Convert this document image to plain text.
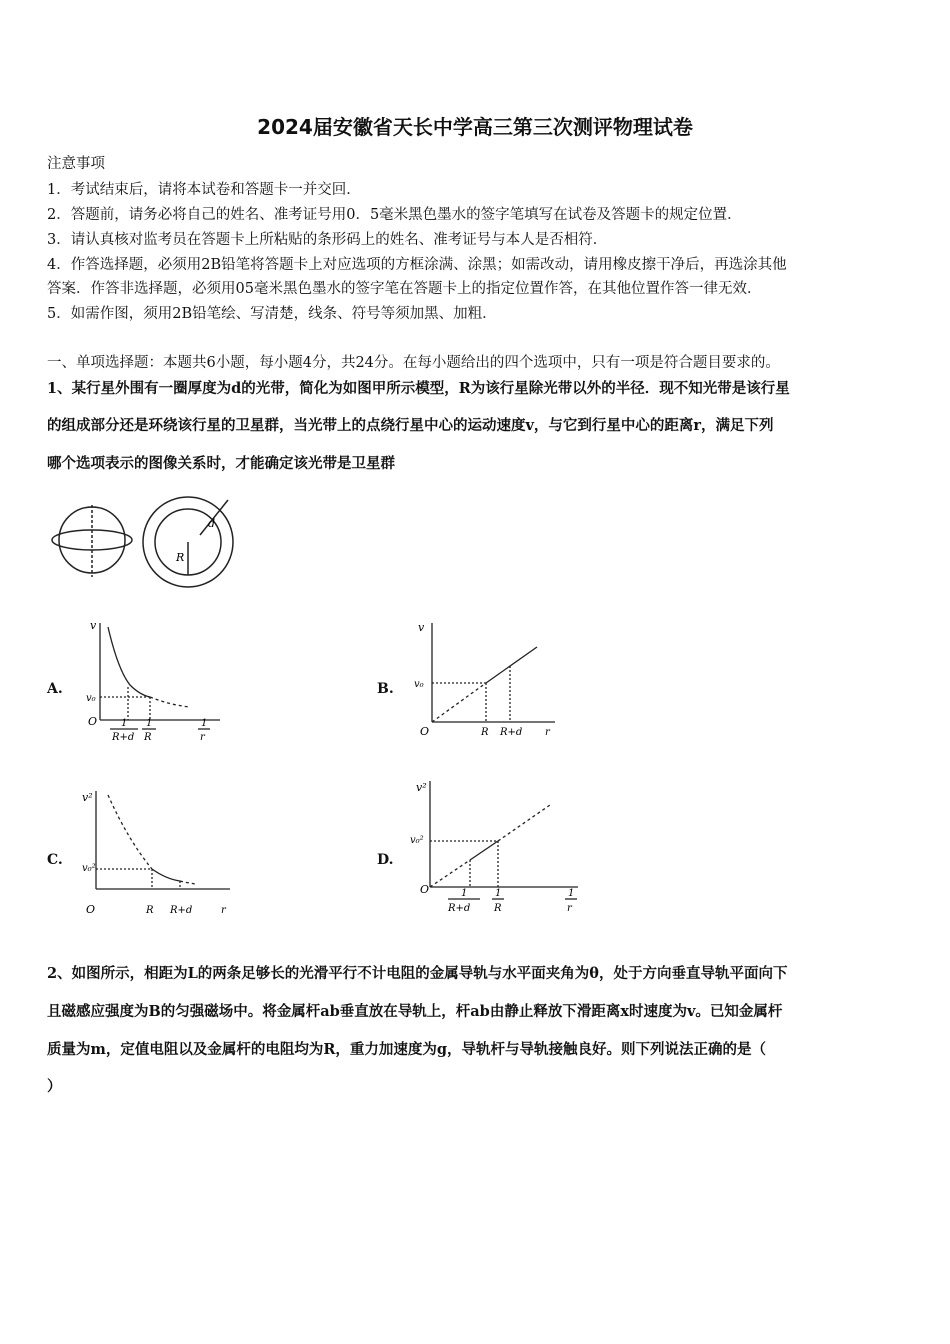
2024届安徽省天长中学高三第三次测评物理试卷
注意事项
1．考试结束后，请将本试卷和答题卡一并交回．
2．答题前，请务必将自己的姓名、准考证号用0．5毫米黑色墨水的签字笔填写在试卷及答题卡的规定位置．
3．请认真核对监考员在答题卡上所粘贴的条形码上的姓名、准考证号与本人是否相符．
4．作答选择题，必须用2B铅笔将答题卡上对应选项的方框涂满、涂黑；如需改动，请用橡皮擦干净后，再选涂其他
答案．作答非选择题，必须用05毫米黑色墨水的签字笔在答题卡上的指定位置作答，在其他位置作答一律无效．
5．如需作图，须用2B铅笔绘、写清楚，线条、符号等须加黑、加粗．
一、单项选择题：本题共6小题，每小题4分，共24分。在每小题给出的四个选项中，只有一项是符合题目要求的。
1、某行星外围有一圈厚度为d的光带，简化为如图甲所示模型，R为该行星除光带以外的半径．现不知光带是该行星
的组成部分还是环绕该行星的卫星群，当光带上的点绕行星中心的运动速度v，与它到行星中心的距离r，满足下列
哪个选项表示的图像关系时，才能确定该光带是卫星群
R
d
A.
v
v₀
O 1
R+d
1
R
1
r
B.
v
v₀
O	R R+d r
C.
v²
v₀²
O	R R+d	r
D.
v²
v₀²
O	1
R+d
1
R
1
r
2、如图所示，相距为L的两条足够长的光滑平行不计电阻的金属导轨与水平面夹角为θ，处于方向垂直导轨平面向下
且磁感应强度为B的匀强磁场中。将金属杆ab垂直放在导轨上，杆ab由静止释放下滑距离x时速度为v。已知金属杆
质量为m，定值电阻以及金属杆的电阻均为R，重力加速度为g，导轨杆与导轨接触良好。则下列说法正确的是（
）
